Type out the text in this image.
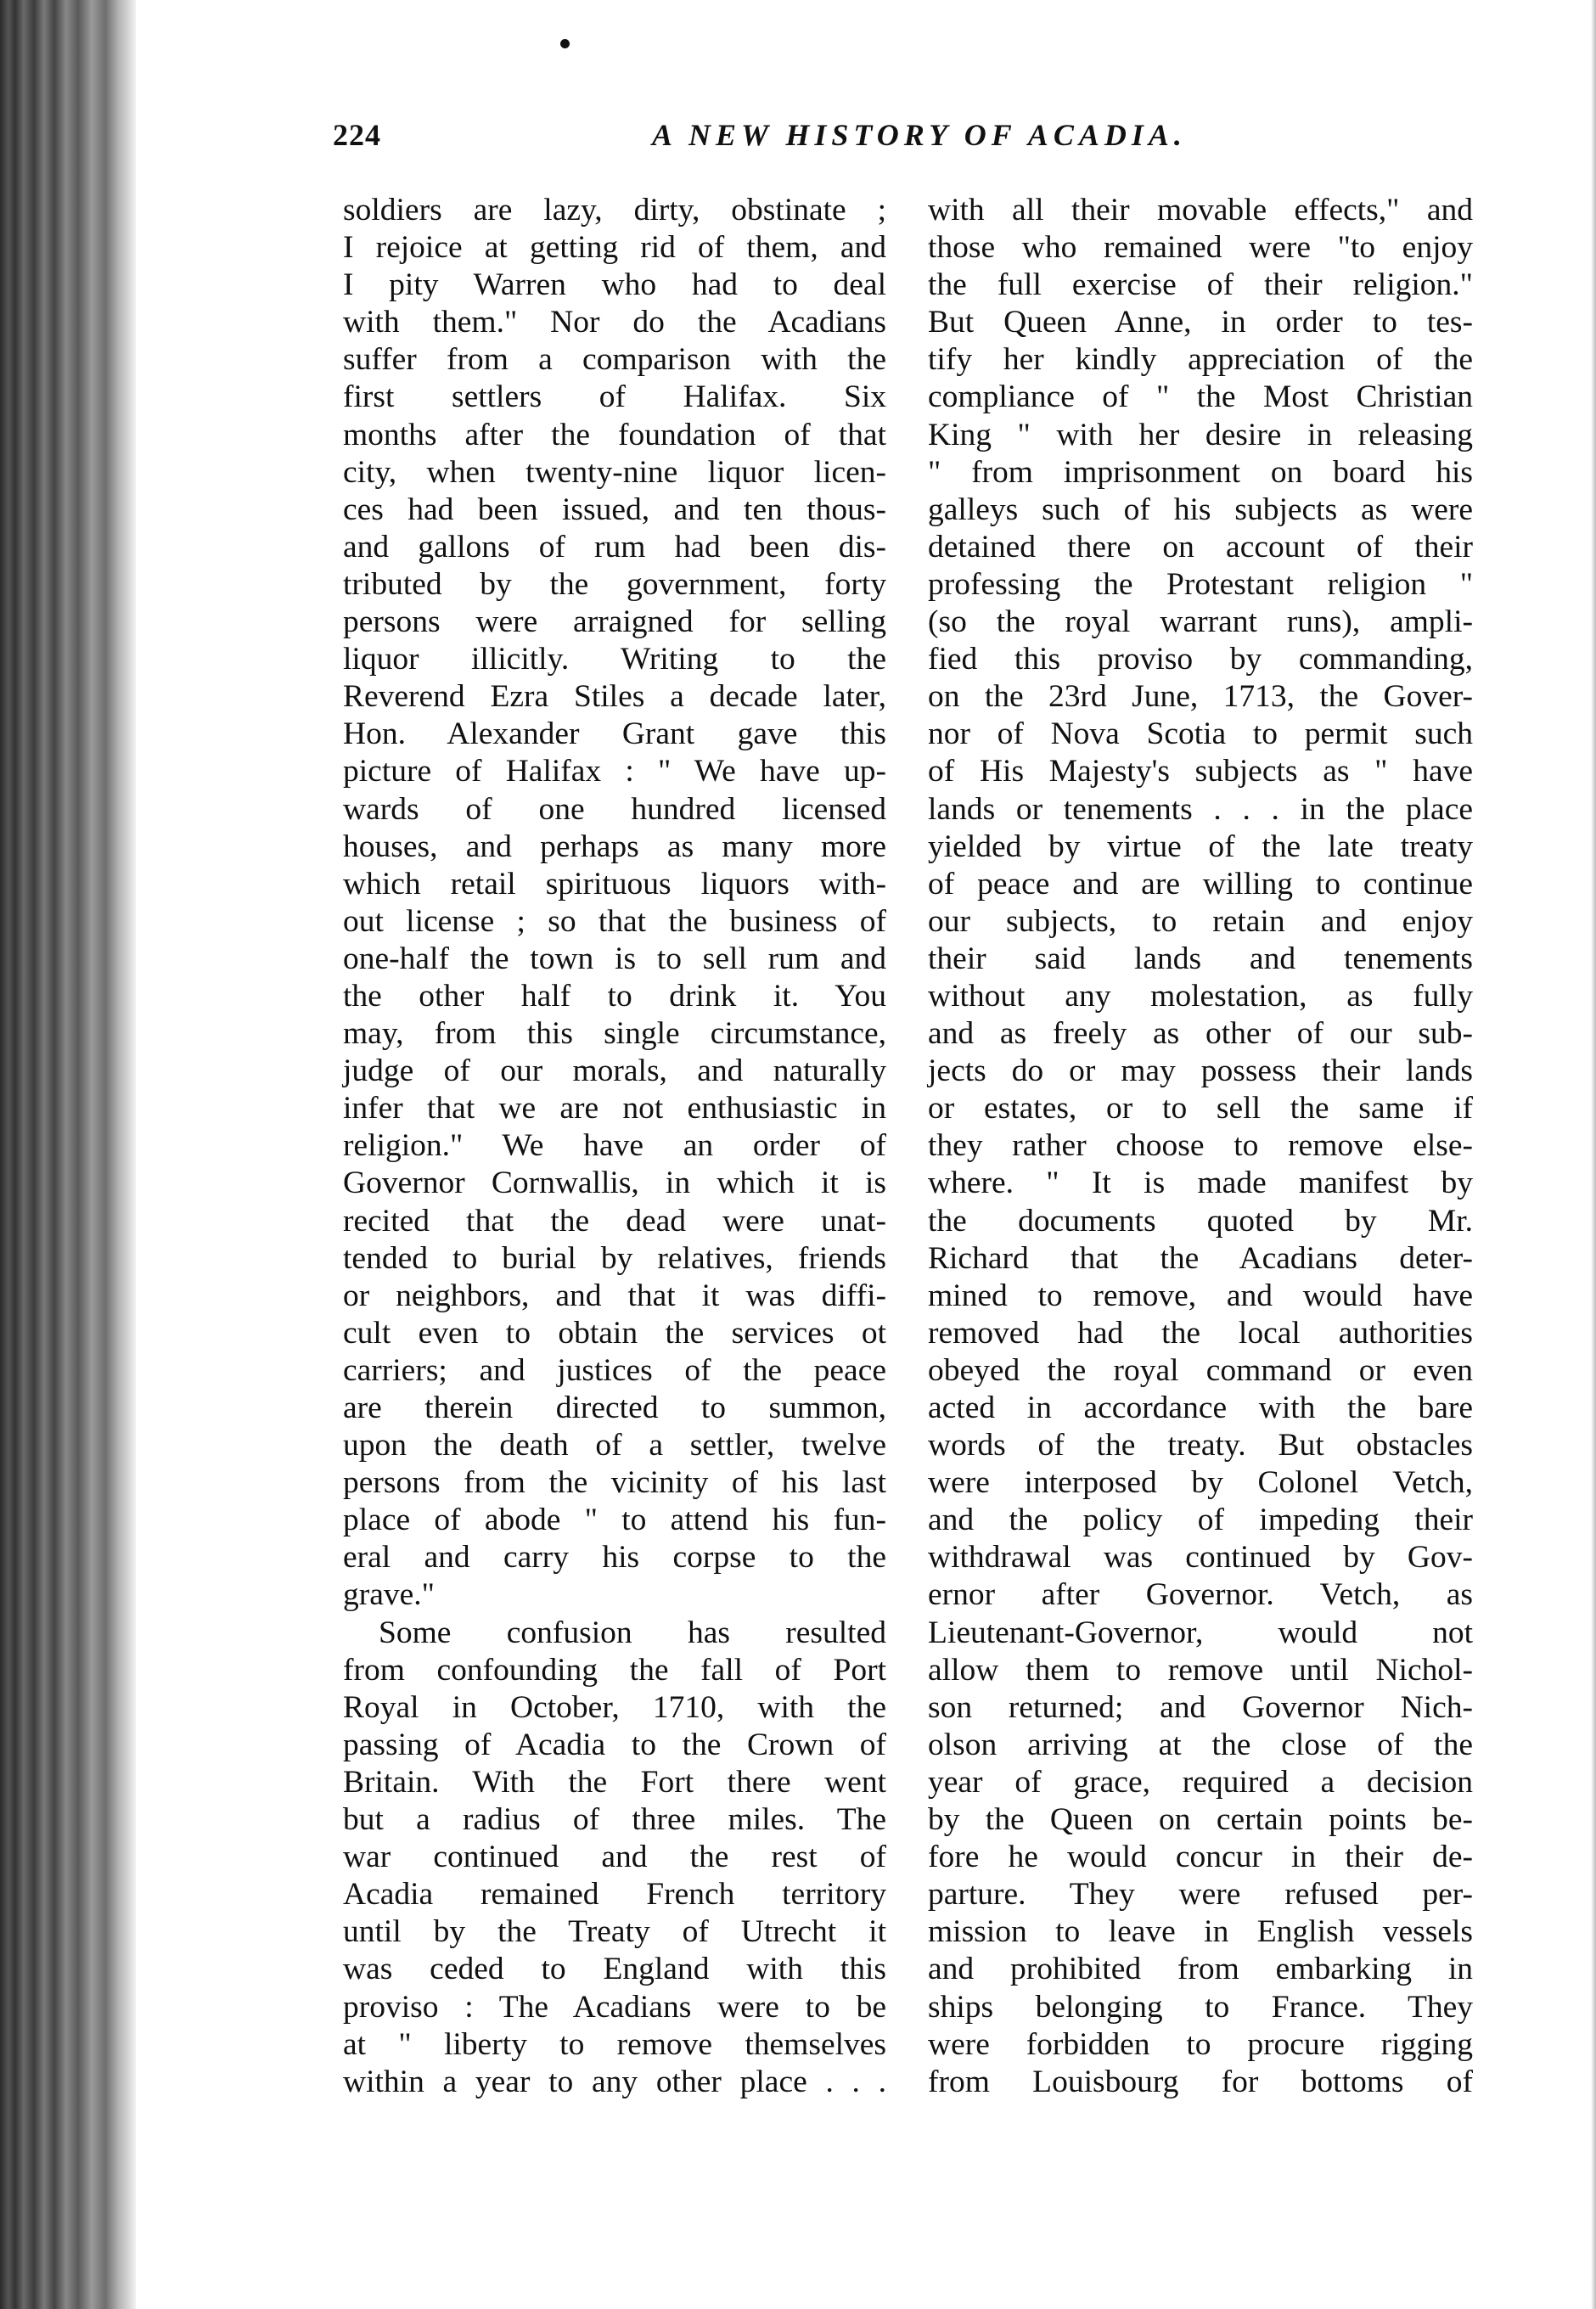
224	A NEW HISTORY OF ACADIA.
soldiers are lazy, dirty, obstinate ;
I rejoice at getting rid of them, and
I pity Warren who had to deal
with them." Nor do the Acadians
suffer from a comparison with the
first settlers of Halifax. Six
months after the foundation of that
city, when twenty-nine liquor licen-
ces had been issued, and ten thous-
and gallons of rum had been dis-
tributed by the government, forty
persons were arraigned for selling
liquor illicitly. Writing to the
Reverend Ezra Stiles a decade later,
Hon. Alexander Grant gave this
picture of Halifax : " We have up-
wards of one hundred licensed
houses, and perhaps as many more
which retail spirituous liquors with-
out license ; so that the business of
one-half the town is to sell rum and
the other half to drink it. You
may, from this single circumstance,
judge of our morals, and naturally
infer that we are not enthusiastic in
religion." We have an order of
Governor Cornwallis, in which it is
recited that the dead were unat-
tended to burial by relatives, friends
or neighbors, and that it was diffi-
cult even to obtain the services ot
carriers; and justices of the peace
are therein directed to summon,
upon the death of a settler, twelve
persons from the vicinity of his last
place of abode " to attend his fun-
eral and carry his corpse to the
grave."
Some confusion has resulted
from confounding the fall of Port
Royal in October, 1710, with the
passing of Acadia to the Crown of
Britain. With the Fort there went
but a radius of three miles. The
war continued and the rest of
Acadia remained French territory
until by the Treaty of Utrecht it
was ceded to England with this
proviso : The Acadians were to be
at " liberty to remove themselves
within a year to any other place . . .
with all their movable effects," and
those who remained were "to enjoy
the full exercise of their religion."
But Queen Anne, in order to tes-
tify her kindly appreciation of the
compliance of " the Most Christian
King " with her desire in releasing
" from imprisonment on board his
galleys such of his subjects as were
detained there on account of their
professing the Protestant religion "
(so the royal warrant runs), ampli-
fied this proviso by commanding,
on the 23rd June, 1713, the Gover-
nor of Nova Scotia to permit such
of His Majesty's subjects as " have
lands or tenements . . . in the place
yielded by virtue of the late treaty
of peace and are willing to continue
our subjects, to retain and enjoy
their said lands and tenements
without any molestation, as fully
and as freely as other of our sub-
jects do or may possess their lands
or estates, or to sell the same if
they rather choose to remove else-
where. " It is made manifest by
the documents quoted by Mr.
Richard that the Acadians deter-
mined to remove, and would have
removed had the local authorities
obeyed the royal command or even
acted in accordance with the bare
words of the treaty. But obstacles
were interposed by Colonel Vetch,
and the policy of impeding their
withdrawal was continued by Gov-
ernor after Governor. Vetch, as
Lieutenant-Governor, would not
allow them to remove until Nichol-
son returned; and Governor Nich-
olson arriving at the close of the
year of grace, required a decision
by the Queen on certain points be-
fore he would concur in their de-
parture. They were refused per-
mission to leave in English vessels
and prohibited from embarking in
ships belonging to France. They
were forbidden to procure rigging
from Louisbourg for bottoms of
